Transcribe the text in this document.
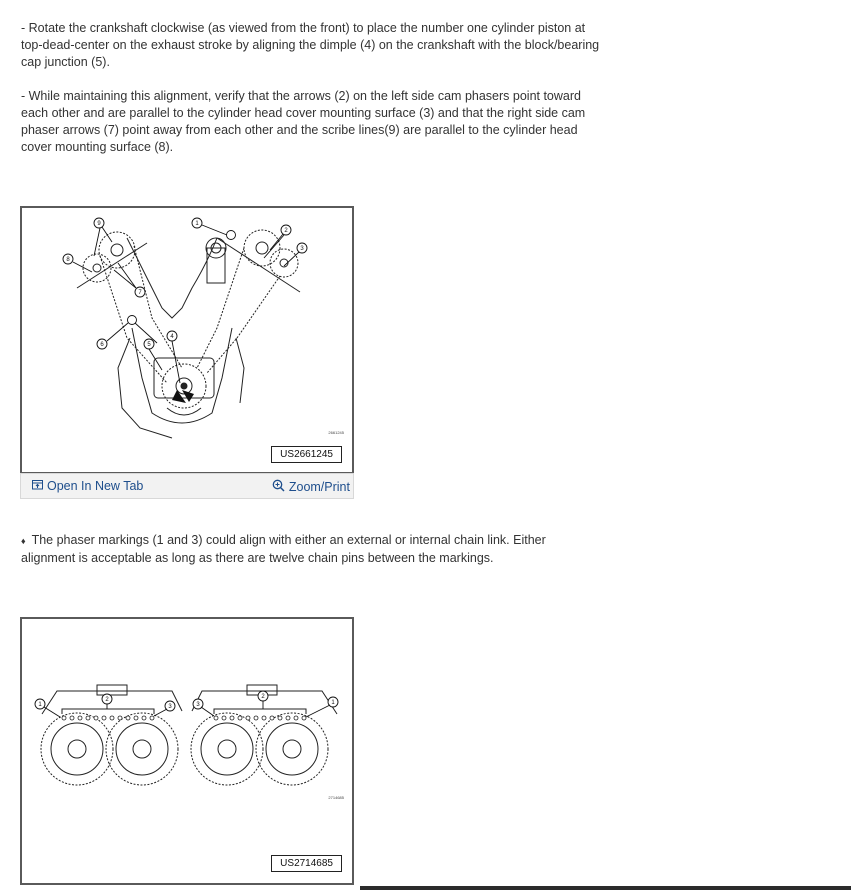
- Rotate the crankshaft clockwise (as viewed from the front) to place the number one cylinder piston at top-dead-center on the exhaust stroke by aligning the dimple (4) on the crankshaft with the block/bearing cap junction (5).
- While maintaining this alignment, verify that the arrows (2) on the left side cam phasers point toward each other and are parallel to the cylinder head cover mounting surface (3) and that the right side cam phaser arrows (7) point away from each other and the scribe lines(9) are parallel to the cylinder head cover mounting surface (8).
9	1
2
3
8
7
4
6	5
2661245
US2661245
Open In New Tab	Zoom/Print
♦ The phaser markings (1 and 3) could align with either an external or internal chain link. Either alignment is acceptable as long as there are twelve chain pins between the markings.
1
2
3	3
2
1
2714685
US2714685
